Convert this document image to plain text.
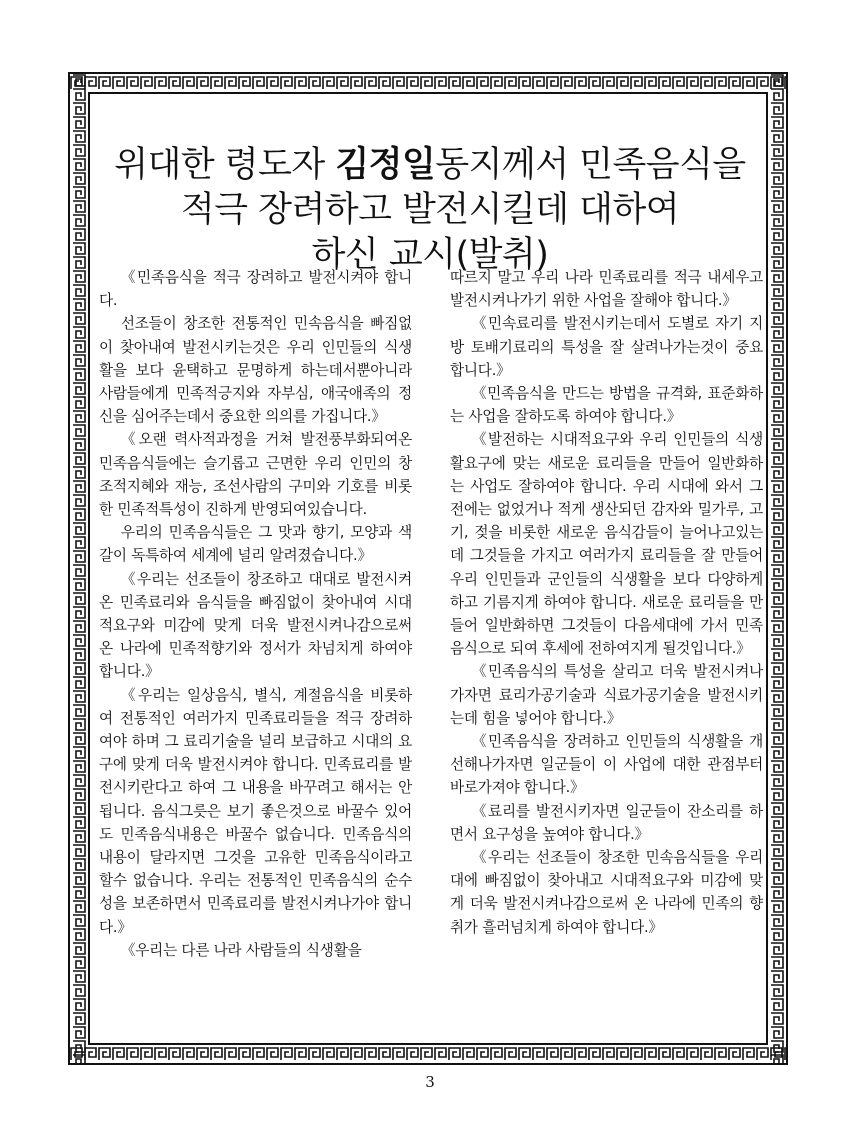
위대한 령도자 김정일동지께서 민족음식을
적극 장려하고 발전시킬데 대하여
하신 교시(발취)

《민족음식을 적극 장려하고 발전시켜야 합니다.

선조들이 창조한 전통적인 민속음식을 빠짐없이 찾아내여 발전시키는것은 우리 인민들의 식생활을 보다 윤택하고 문명하게 하는데서뿐아니라 사람들에게 민족적긍지와 자부심, 애국애족의 정신을 심어주는데서 중요한 의의를 가집니다.》

《오랜 력사적과정을 거쳐 발전풍부화되여온 민족음식들에는 슬기롭고 근면한 우리 인민의 창조적지혜와 재능, 조선사람의 구미와 기호를 비롯한 민족적특성이 진하게 반영되여있습니다.

우리의 민족음식들은 그 맛과 향기, 모양과 색갈이 독특하여 세계에 널리 알려졌습니다.》

《우리는 선조들이 창조하고 대대로 발전시켜온 민족료리와 음식들을 빠짐없이 찾아내여 시대적요구와 미감에 맞게 더욱 발전시켜나감으로써 온 나라에 민족적향기와 정서가 차넘치게 하여야 합니다.》

《우리는 일상음식, 별식, 계절음식을 비롯하여 전통적인 여러가지 민족료리들을 적극 장려하여야 하며 그 료리기술을 널리 보급하고 시대의 요구에 맞게 더욱 발전시켜야 합니다. 민족료리를 발전시키란다고 하여 그 내용을 바꾸려고 해서는 안됩니다. 음식그릇은 보기 좋은것으로 바꿀수 있어도 민족음식내용은 바꿀수 없습니다. 민족음식의 내용이 달라지면 그것을 고유한 민족음식이라고 할수 없습니다. 우리는 전통적인 민족음식의 순수성을 보존하면서 민족료리를 발전시켜나가야 합니다.》

《우리는 다른 나라 사람들의 식생활을

따르지 말고 우리 나라 민족료리를 적극 내세우고 발전시켜나가기 위한 사업을 잘해야 합니다.》

《민속료리를 발전시키는데서 도별로 자기 지방 토배기료리의 특성을 잘 살려나가는것이 중요합니다.》

《민족음식을 만드는 방법을 규격화, 표준화하는 사업을 잘하도록 하여야 합니다.》

《발전하는 시대적요구와 우리 인민들의 식생활요구에 맞는 새로운 료리들을 만들어 일반화하는 사업도 잘하여야 합니다. 우리 시대에 와서 그전에는 없었거나 적게 생산되던 감자와 밀가루, 고기, 젖을 비롯한 새로운 음식감들이 늘어나고있는데 그것들을 가지고 여러가지 료리들을 잘 만들어 우리 인민들과 군인들의 식생활을 보다 다양하게 하고 기름지게 하여야 합니다. 새로운 료리들을 만들어 일반화하면 그것들이 다음세대에 가서 민족음식으로 되여 후세에 전하여지게 될것입니다.》

《민족음식의 특성을 살리고 더욱 발전시켜나가자면 료리가공기술과 식료가공기술을 발전시키는데 힘을 넣어야 합니다.》

《민족음식을 장려하고 인민들의 식생활을 개선해나가자면 일군들이 이 사업에 대한 관점부터 바로가져야 합니다.》

《료리를 발전시키자면 일군들이 잔소리를 하면서 요구성을 높여야 합니다.》

《우리는 선조들이 창조한 민속음식들을 우리 대에 빠짐없이 찾아내고 시대적요구와 미감에 맞게 더욱 발전시켜나감으로써 온 나라에 민족의 향취가 흘러넘치게 하여야 합니다.》

3
